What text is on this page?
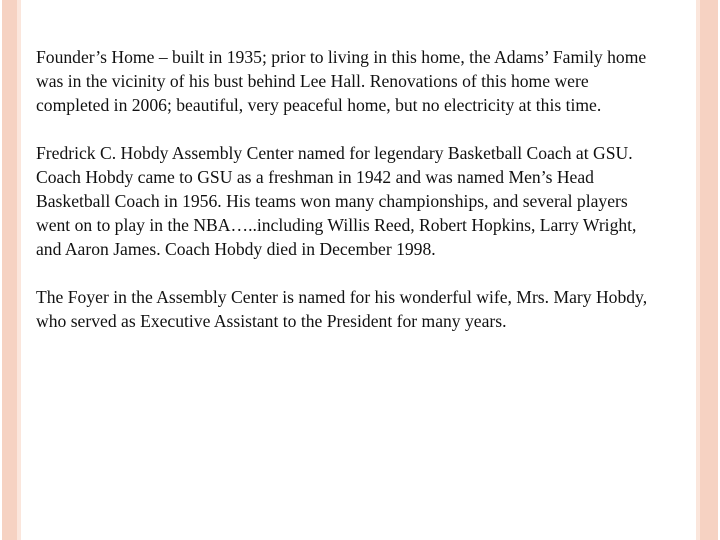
Founder’s Home – built in 1935; prior to living in this home, the Adams’ Family home was in the vicinity of his bust behind Lee Hall. Renovations of this home were completed in 2006; beautiful, very peaceful home, but no electricity at this time.

Fredrick C. Hobdy Assembly Center named for legendary Basketball Coach at GSU. Coach Hobdy came to GSU as a freshman in 1942 and was named Men’s Head Basketball Coach in 1956. His teams won many championships, and several players went on to play in the NBA…..including Willis Reed, Robert Hopkins, Larry Wright, and Aaron James. Coach Hobdy died in December 1998.

The Foyer in the Assembly Center is named for his wonderful wife, Mrs. Mary Hobdy, who served as Executive Assistant to the President for many years.
